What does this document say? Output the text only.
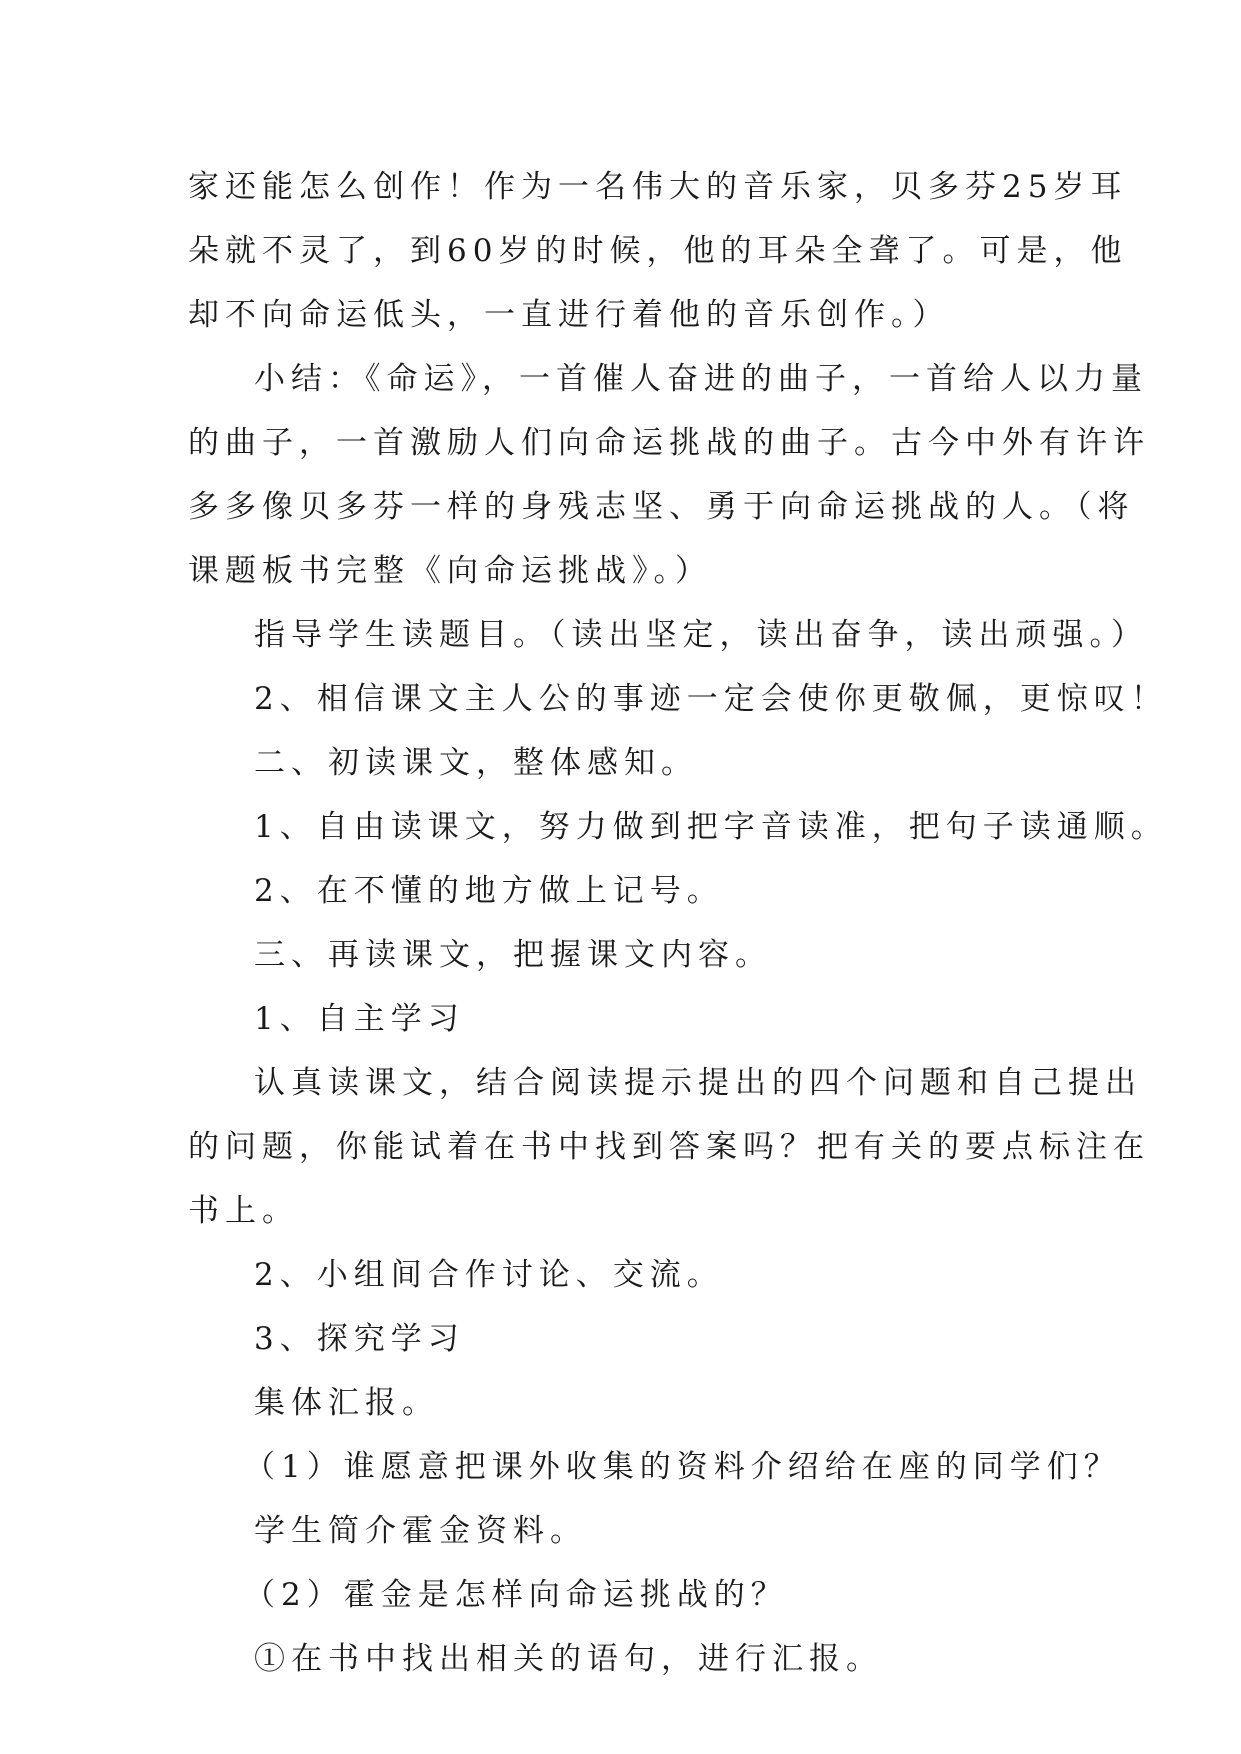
家还能怎么创作！作为一名伟大的音乐家，贝多芬25岁耳
朵就不灵了，到60岁的时候，他的耳朵全聋了。可是，他
却不向命运低头，一直进行着他的音乐创作。）
小结：《命运》，一首催人奋进的曲子，一首给人以力量
的曲子，一首激励人们向命运挑战的曲子。古今中外有许许
多多像贝多芬一样的身残志坚、勇于向命运挑战的人。（将
课题板书完整《向命运挑战》。）
指导学生读题目。（读出坚定，读出奋争，读出顽强。）
2、相信课文主人公的事迹一定会使你更敬佩，更惊叹！
二、初读课文，整体感知。
1、自由读课文，努力做到把字音读准，把句子读通顺。
2、在不懂的地方做上记号。
三、再读课文，把握课文内容。
1、自主学习
认真读课文，结合阅读提示提出的四个问题和自己提出
的问题，你能试着在书中找到答案吗？把有关的要点标注在
书上。
2、小组间合作讨论、交流。
3、探究学习
集体汇报。
（1）谁愿意把课外收集的资料介绍给在座的同学们？
学生简介霍金资料。
（2）霍金是怎样向命运挑战的？
①在书中找出相关的语句，进行汇报。
